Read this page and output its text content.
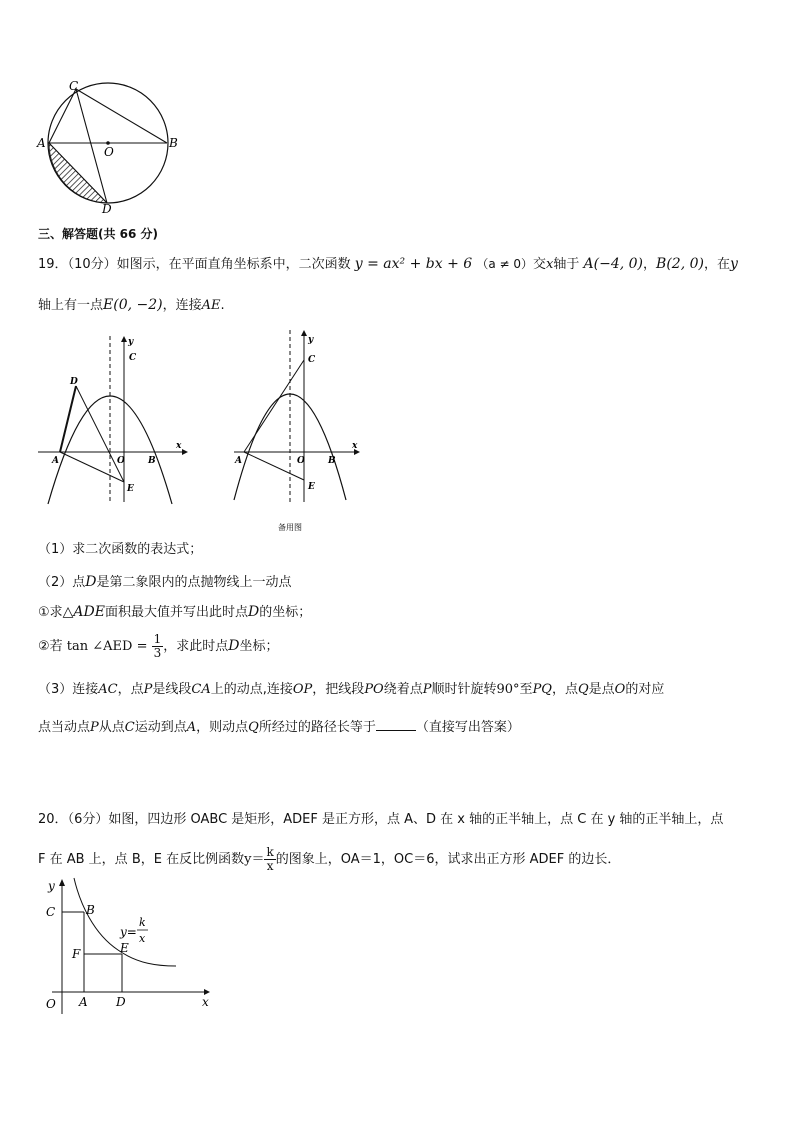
C
A	B
O
D
三、解答题(共 66 分)
19．（10分）如图示，在平面直角坐标系中，二次函数 y = ax² + bx + 6 （a ≠ 0）交x轴于 A(−4, 0)，B(2, 0)，在y
轴上有一点E(0, −2)，连接AE.
y
C
D
x
A	O	B
E
y
C
x
A	O	B
E
备用图
（1）求二次函数的表达式；
（2）点D是第二象限内的点抛物线上一动点
①求△ADE面积最大值并写出此时点D的坐标；
②若 tan ∠AED = $\frac{1}{3}$ ，求此时点D坐标；
（3）连接AC，点P是线段CA上的动点,连接OP，把线段PO绕着点P顺时针旋转90°至PQ，点Q是点O的对应
点当动点P从点C运动到点A，则动点Q所经过的路径长等于	（直接写出答案）
20．（6分）如图，四边形 OABC 是矩形，ADEF 是正方形，点 A、D 在 x 轴的正半轴上，点 C 在 y 轴的正半轴上，点
F 在 AB 上，点 B，E 在反比例函数$y= \frac{k}{x}$ 的图象上，OA＝1，OC＝6，试求出正方形 ADEF 的边长．
y
C	B
y=
k
x
E
F
O A D	x
